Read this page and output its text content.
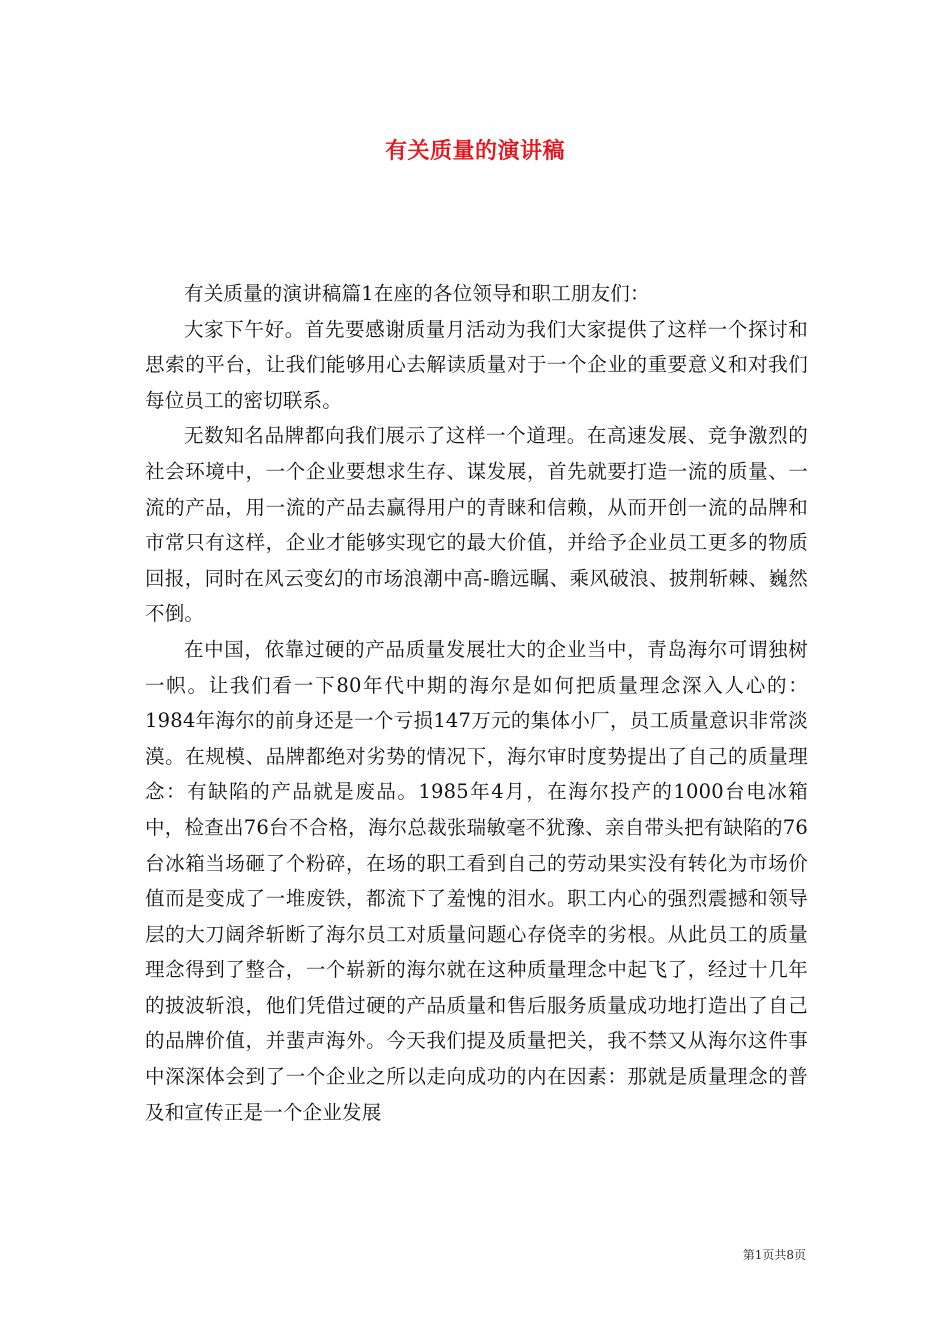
有关质量的演讲稿

有关质量的演讲稿篇1在座的各位领导和职工朋友们：

大家下午好。首先要感谢质量月活动为我们大家提供了这样一个探讨和思索的平台，让我们能够用心去解读质量对于一个企业的重要意义和对我们每位员工的密切联系。

无数知名品牌都向我们展示了这样一个道理。在高速发展、竞争激烈的社会环境中，一个企业要想求生存、谋发展，首先就要打造一流的质量、一流的产品，用一流的产品去赢得用户的青睐和信赖，从而开创一流的品牌和市常只有这样，企业才能够实现它的最大价值，并给予企业员工更多的物质回报，同时在风云变幻的市场浪潮中高-瞻远瞩、乘风破浪、披荆斩棘、巍然不倒。

在中国，依靠过硬的产品质量发展壮大的企业当中，青岛海尔可谓独树一帜。让我们看一下80年代中期的海尔是如何把质量理念深入人心的：1984年海尔的前身还是一个亏损147万元的集体小厂，员工质量意识非常淡漠。在规模、品牌都绝对劣势的情况下，海尔审时度势提出了自己的质量理念：有缺陷的产品就是废品。1985年4月，在海尔投产的1000台电冰箱中，检查出76台不合格，海尔总裁张瑞敏毫不犹豫、亲自带头把有缺陷的76台冰箱当场砸了个粉碎，在场的职工看到自己的劳动果实没有转化为市场价值而是变成了一堆废铁，都流下了羞愧的泪水。职工内心的强烈震撼和领导层的大刀阔斧斩断了海尔员工对质量问题心存侥幸的劣根。从此员工的质量理念得到了整合，一个崭新的海尔就在这种质量理念中起飞了，经过十几年的披波斩浪，他们凭借过硬的产品质量和售后服务质量成功地打造出了自己的品牌价值，并蜚声海外。今天我们提及质量把关，我不禁又从海尔这件事中深深体会到了一个企业之所以走向成功的内在因素：那就是质量理念的普及和宣传正是一个企业发展

第1页共8页
